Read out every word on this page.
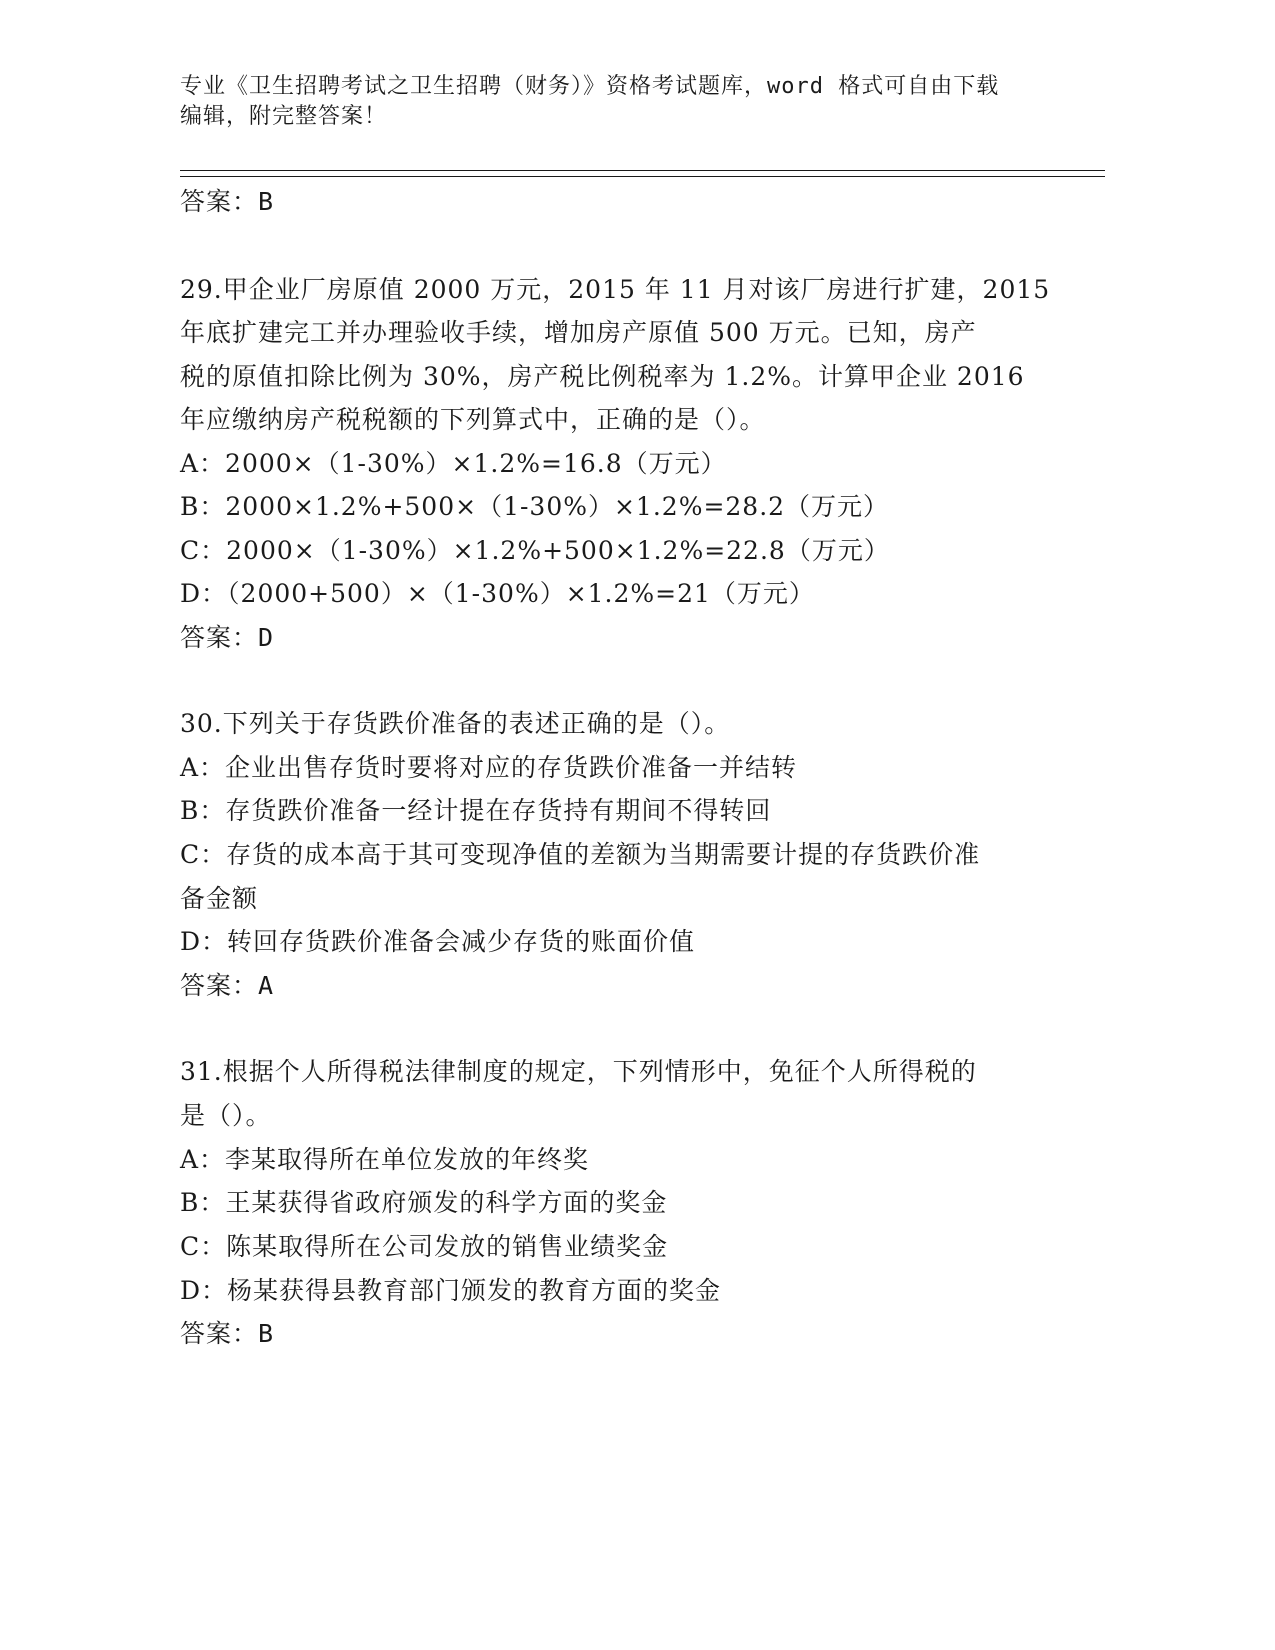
专业《卫生招聘考试之卫生招聘（财务）》资格考试题库，word 格式可自由下载
编辑，附完整答案！
答案：B
29.甲企业厂房原值 2000 万元，2015 年 11 月对该厂房进行扩建，2015
年底扩建完工并办理验收手续，增加房产原值 500 万元。已知，房产
税的原值扣除比例为 30%，房产税比例税率为 1.2%。计算甲企业 2016
年应缴纳房产税税额的下列算式中，正确的是（）。
A：2000×（1-30%）×1.2%=16.8（万元）
B：2000×1.2%+500×（1-30%）×1.2%=28.2（万元）
C：2000×（1-30%）×1.2%+500×1.2%=22.8（万元）
D：（2000+500）×（1-30%）×1.2%=21（万元）
答案：D
30.下列关于存货跌价准备的表述正确的是（）。
A：企业出售存货时要将对应的存货跌价准备一并结转
B：存货跌价准备一经计提在存货持有期间不得转回
C：存货的成本高于其可变现净值的差额为当期需要计提的存货跌价准
备金额
D：转回存货跌价准备会减少存货的账面价值
答案：A
31.根据个人所得税法律制度的规定，下列情形中，免征个人所得税的
是（）。
A：李某取得所在单位发放的年终奖
B：王某获得省政府颁发的科学方面的奖金
C：陈某取得所在公司发放的销售业绩奖金
D：杨某获得县教育部门颁发的教育方面的奖金
答案：B
